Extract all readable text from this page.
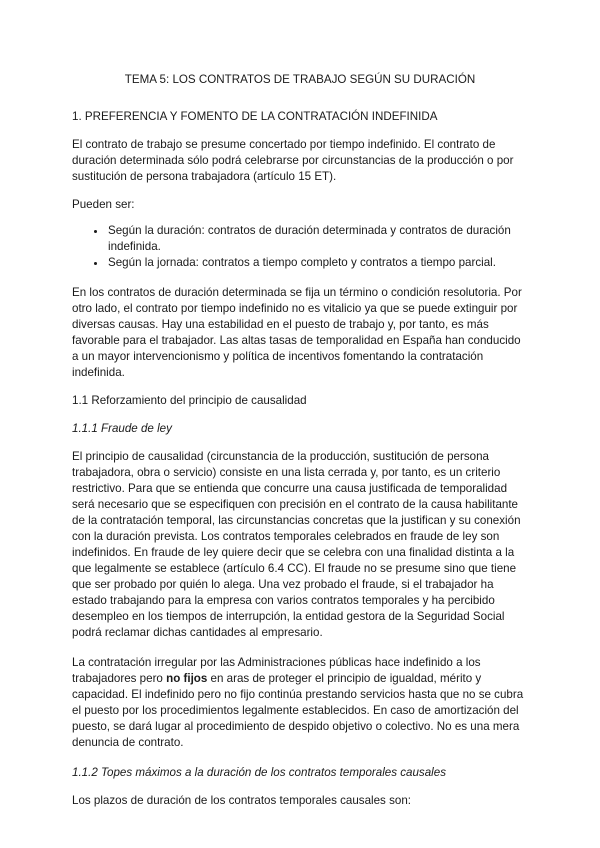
TEMA 5: LOS CONTRATOS DE TRABAJO SEGÚN SU DURACIÓN
1. PREFERENCIA Y FOMENTO DE LA CONTRATACIÓN INDEFINIDA

El contrato de trabajo se presume concertado por tiempo indefinido. El contrato de duración determinada sólo podrá celebrarse por circunstancias de la producción o por sustitución de persona trabajadora (artículo 15 ET).

Pueden ser:

• Según la duración: contratos de duración determinada y contratos de duración indefinida.
• Según la jornada: contratos a tiempo completo y contratos a tiempo parcial.

En los contratos de duración determinada se fija un término o condición resolutoria. Por otro lado, el contrato por tiempo indefinido no es vitalicio ya que se puede extinguir por diversas causas. Hay una estabilidad en el puesto de trabajo y, por tanto, es más favorable para el trabajador. Las altas tasas de temporalidad en España han conducido a un mayor intervencionismo y política de incentivos fomentando la contratación indefinida.

1.1 Reforzamiento del principio de causalidad
1.1.1 Fraude de ley

El principio de causalidad (circunstancia de la producción, sustitución de persona trabajadora, obra o servicio) consiste en una lista cerrada y, por tanto, es un criterio restrictivo. Para que se entienda que concurre una causa justificada de temporalidad será necesario que se especifiquen con precisión en el contrato de la causa habilitante de la contratación temporal, las circunstancias concretas que la justifican y su conexión con la duración prevista. Los contratos temporales celebrados en fraude de ley son indefinidos. En fraude de ley quiere decir que se celebra con una finalidad distinta a la que legalmente se establece (artículo 6.4 CC). El fraude no se presume sino que tiene que ser probado por quién lo alega. Una vez probado el fraude, si el trabajador ha estado trabajando para la empresa con varios contratos temporales y ha percibido desempleo en los tiempos de interrupción, la entidad gestora de la Seguridad Social podrá reclamar dichas cantidades al empresario.

La contratación irregular por las Administraciones públicas hace indefinido a los trabajadores pero no fijos en aras de proteger el principio de igualdad, mérito y capacidad. El indefinido pero no fijo continúa prestando servicios hasta que no se cubra el puesto por los procedimientos legalmente establecidos. En caso de amortización del puesto, se dará lugar al procedimiento de despido objetivo o colectivo. No es una mera denuncia de contrato.

1.1.2 Topes máximos a la duración de los contratos temporales causales

Los plazos de duración de los contratos temporales causales son:
